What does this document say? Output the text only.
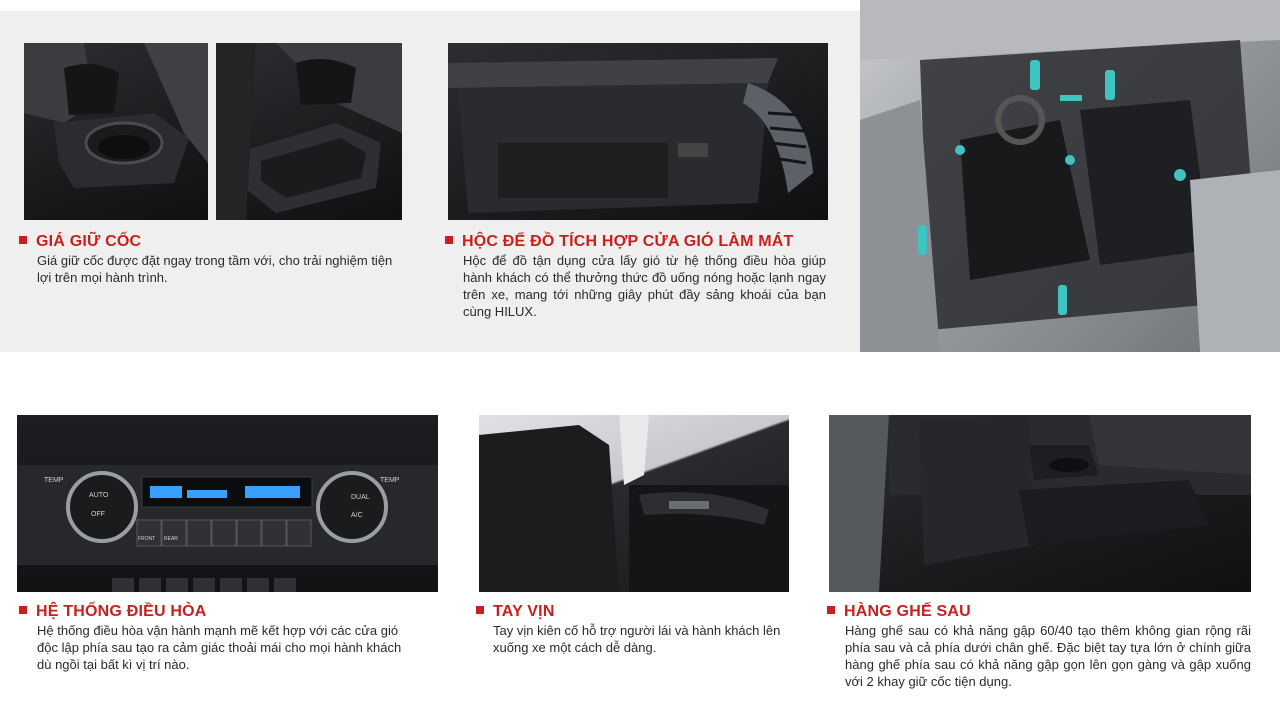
GIÁ GIỮ CỐC
Giá giữ cốc được đặt ngay trong tầm với, cho trải nghiệm tiện lợi trên mọi hành trình.
HỘC ĐỂ ĐỒ TÍCH HỢP CỬA GIÓ LÀM MÁT
Hộc để đồ tận dụng cửa lấy gió từ hệ thống điều hòa giúp hành khách có thể thưởng thức đồ uống nóng hoặc lạnh ngay trên xe, mang tới những giây phút đầy sảng khoái của bạn cùng HILUX.
TEMP	TEMP
AUTO
OFF
DUAL
A/C
FRONT REAR
HỆ THỐNG ĐIỀU HÒA
Hệ thống điều hòa vận hành mạnh mẽ kết hợp với các cửa gió độc lập phía sau tạo ra cảm giác thoải mái cho mọi hành khách dù ngồi tại bất kì vị trí nào.
TAY VỊN
Tay vịn kiên cố hỗ trợ người lái và hành khách lên xuống xe một cách dễ dàng.
HÀNG GHẾ SAU
Hàng ghế sau có khả năng gập 60/40 tạo thêm không gian rộng rãi phía sau và cả phía dưới chân ghế. Đặc biệt tay tựa lớn ở chính giữa hàng ghế phía sau có khả năng gập gọn lên gọn gàng và gập xuống với 2 khay giữ cốc tiện dụng.
